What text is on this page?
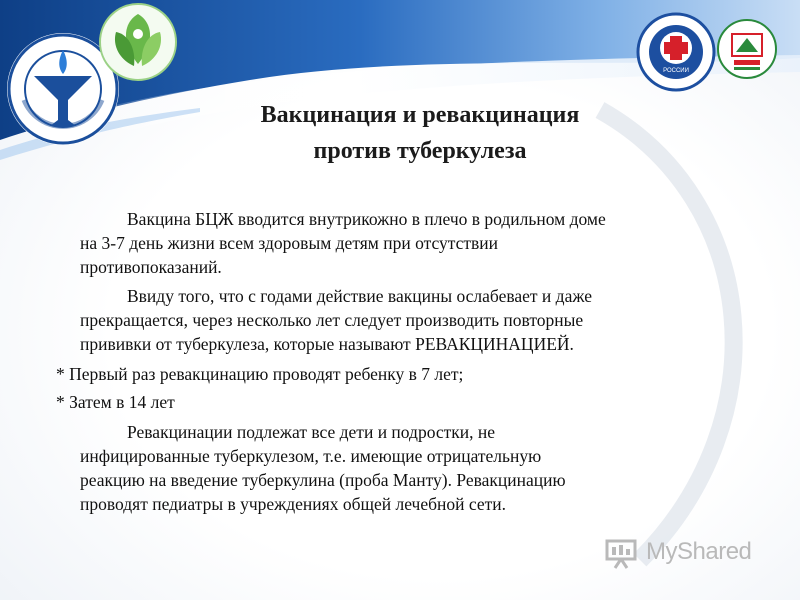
РОССИИ
Вакцинация и ревакцинация
против туберкулеза
Вакцина БЦЖ вводится внутрикожно в плечо в родильном доме
на 3-7 день жизни всем здоровым детям при отсутствии
противопоказаний.
Ввиду того, что с годами действие вакцины ослабевает и даже
прекращается, через несколько лет следует производить повторные
прививки от туберкулеза, которые называют РЕВАКЦИНАЦИЕЙ.
* Первый раз ревакцинацию проводят ребенку в 7 лет;
* Затем в 14 лет
Ревакцинации подлежат все дети и подростки, не
инфицированные туберкулезом, т.е. имеющие отрицательную
реакцию на введение туберкулина (проба Манту). Ревакцинацию
проводят педиатры в учреждениях общей лечебной сети.
MyShared
